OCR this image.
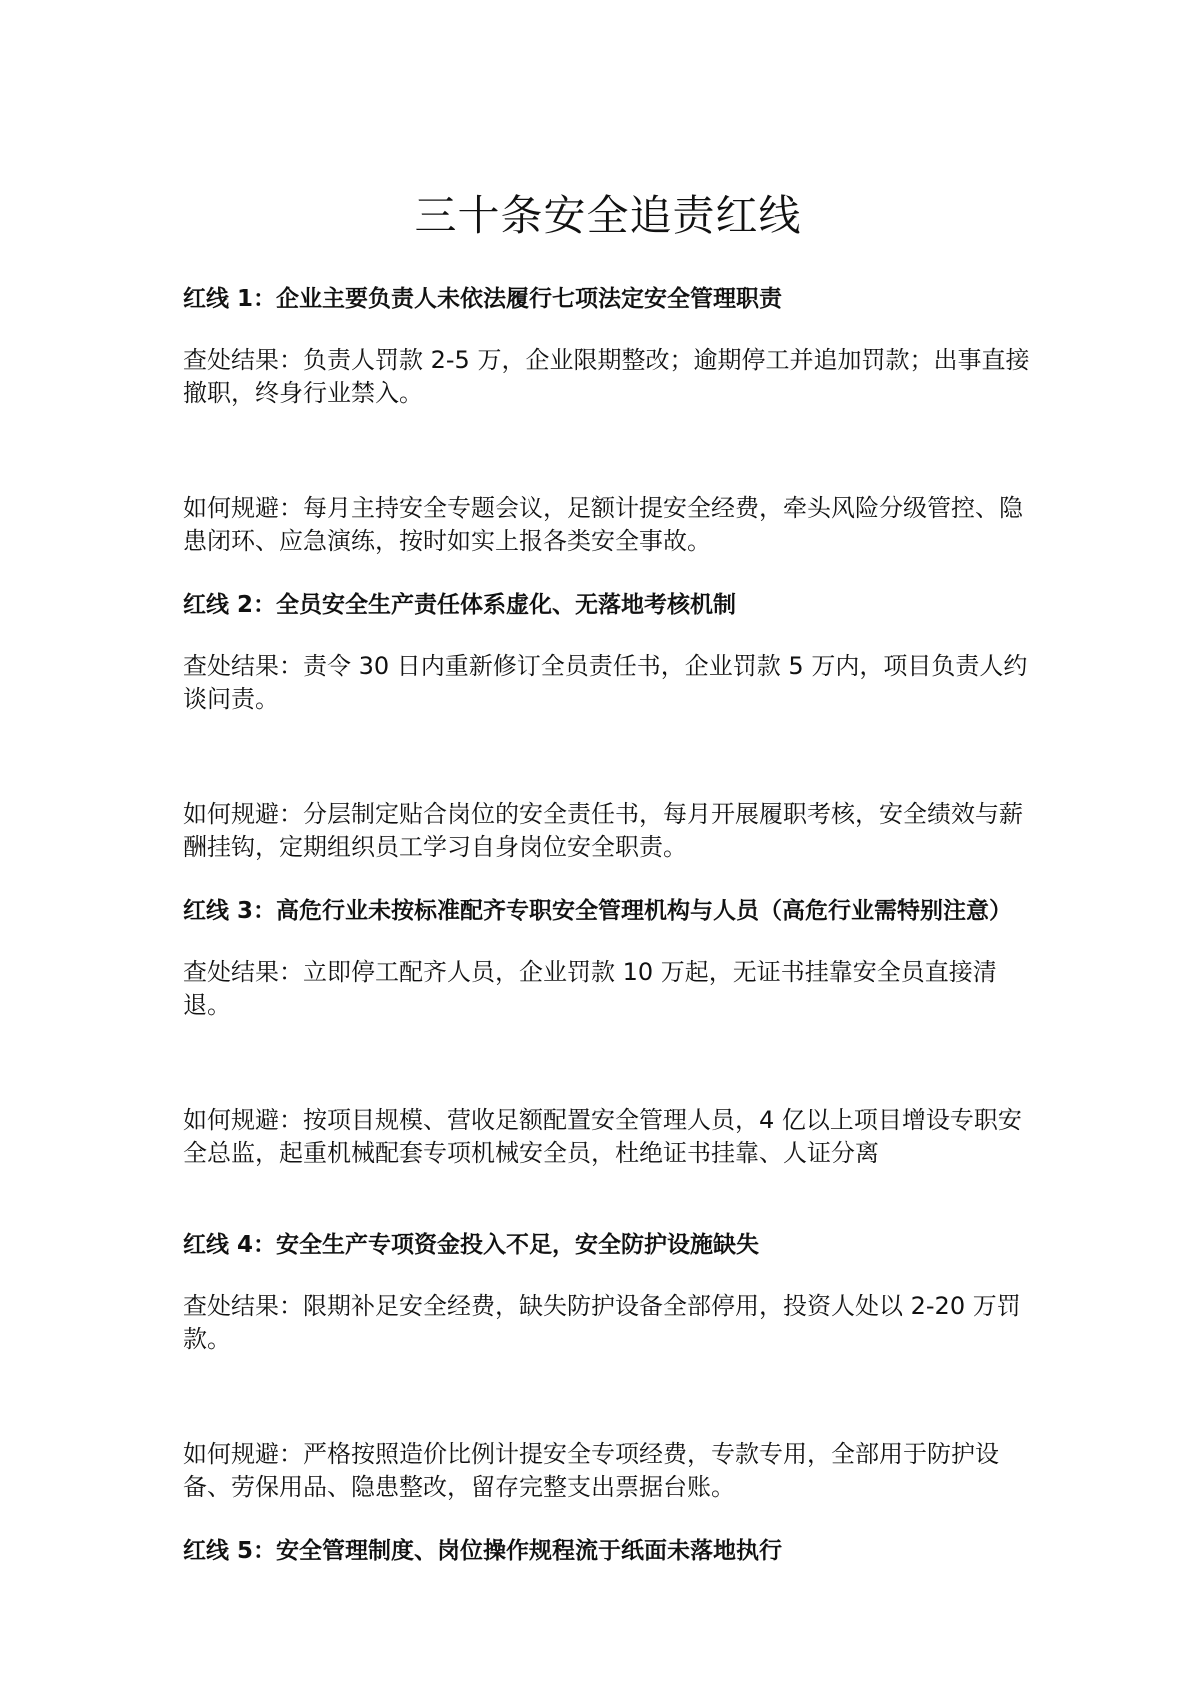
三十条安全追责红线

红线 1：企业主要负责人未依法履行七项法定安全管理职责

查处结果：负责人罚款 2-5 万，企业限期整改；逾期停工并追加罚款；出事直接撤职，终身行业禁入。

如何规避：每月主持安全专题会议，足额计提安全经费，牵头风险分级管控、隐患闭环、应急演练，按时如实上报各类安全事故。

红线 2：全员安全生产责任体系虚化、无落地考核机制

查处结果：责令 30 日内重新修订全员责任书，企业罚款 5 万内，项目负责人约谈问责。

如何规避：分层制定贴合岗位的安全责任书，每月开展履职考核，安全绩效与薪酬挂钩，定期组织员工学习自身岗位安全职责。

红线 3：高危行业未按标准配齐专职安全管理机构与人员（高危行业需特别注意）

查处结果：立即停工配齐人员，企业罚款 10 万起，无证书挂靠安全员直接清退。

如何规避：按项目规模、营收足额配置安全管理人员，4 亿以上项目增设专职安全总监，起重机械配套专项机械安全员，杜绝证书挂靠、人证分离

红线 4：安全生产专项资金投入不足，安全防护设施缺失

查处结果：限期补足安全经费，缺失防护设备全部停用，投资人处以 2-20 万罚款。

如何规避：严格按照造价比例计提安全专项经费，专款专用，全部用于防护设备、劳保用品、隐患整改，留存完整支出票据台账。

红线 5：安全管理制度、岗位操作规程流于纸面未落地执行
